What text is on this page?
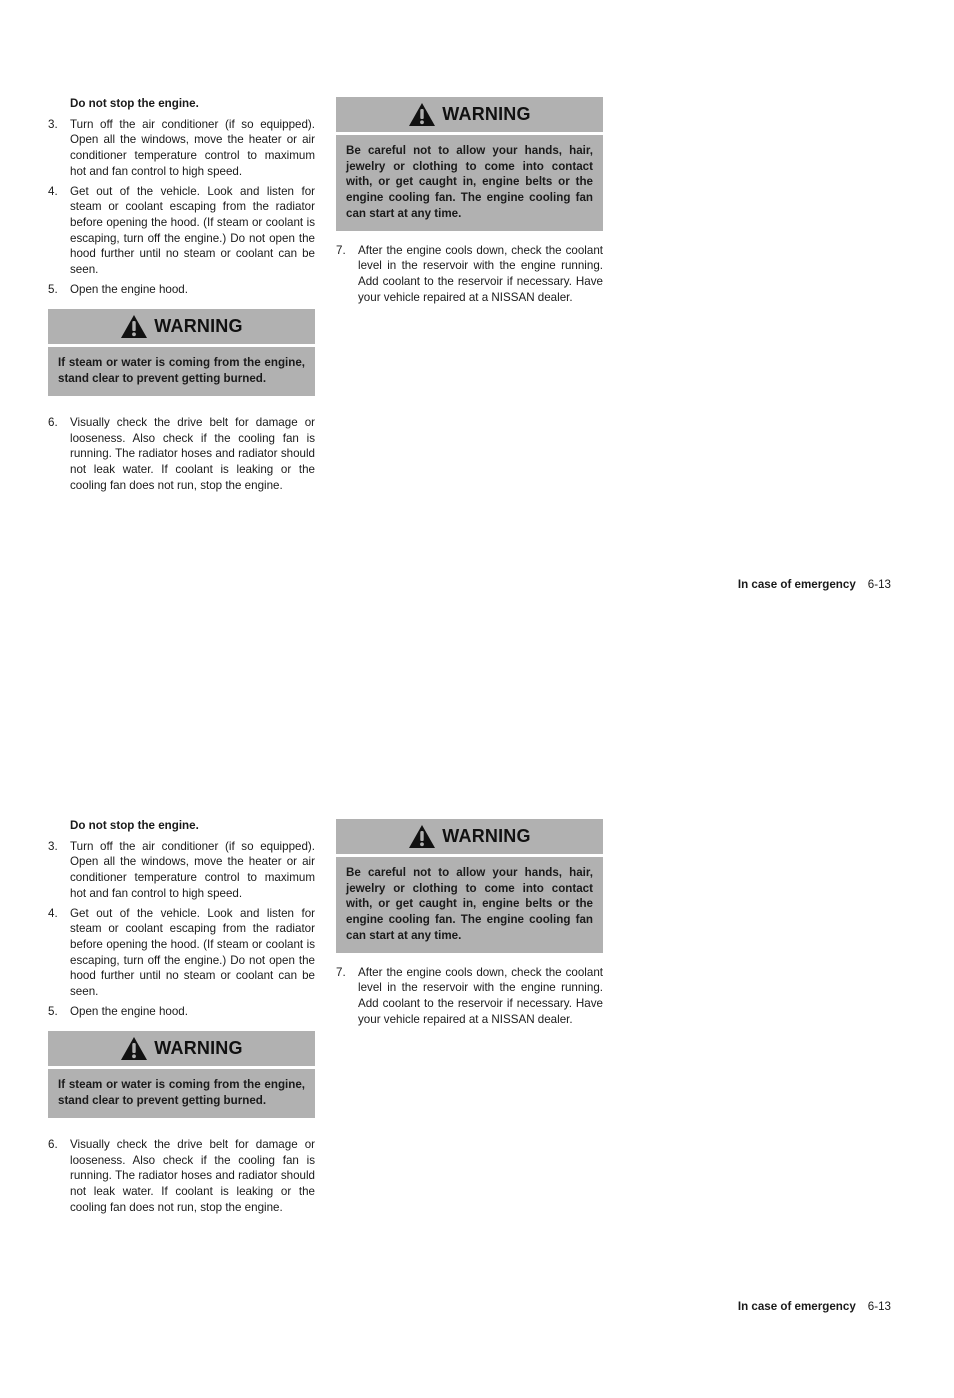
Do not stop the engine.

3. Turn off the air conditioner (if so equipped). Open all the windows, move the heater or air conditioner temperature control to maximum hot and fan control to high speed.
4. Get out of the vehicle. Look and listen for steam or coolant escaping from the radiator before opening the hood. (If steam or coolant is escaping, turn off the engine.) Do not open the hood further until no steam or coolant can be seen.
5. Open the engine hood.
WARNING
If steam or water is coming from the engine, stand clear to prevent getting burned.
6. Visually check the drive belt for damage or looseness. Also check if the cooling fan is running. The radiator hoses and radiator should not leak water. If coolant is leaking or the cooling fan does not run, stop the engine.
WARNING
Be careful not to allow your hands, hair, jewelry or clothing to come into contact with, or get caught in, engine belts or the engine cooling fan. The engine cooling fan can start at any time.
7. After the engine cools down, check the coolant level in the reservoir with the engine running. Add coolant to the reservoir if necessary. Have your vehicle repaired at a NISSAN dealer.
In case of emergency 6-13

Do not stop the engine.

3. Turn off the air conditioner (if so equipped). Open all the windows, move the heater or air conditioner temperature control to maximum hot and fan control to high speed.
4. Get out of the vehicle. Look and listen for steam or coolant escaping from the radiator before opening the hood. (If steam or coolant is escaping, turn off the engine.) Do not open the hood further until no steam or coolant can be seen.
5. Open the engine hood.
WARNING
If steam or water is coming from the engine, stand clear to prevent getting burned.
6. Visually check the drive belt for damage or looseness. Also check if the cooling fan is running. The radiator hoses and radiator should not leak water. If coolant is leaking or the cooling fan does not run, stop the engine.
WARNING
Be careful not to allow your hands, hair, jewelry or clothing to come into contact with, or get caught in, engine belts or the engine cooling fan. The engine cooling fan can start at any time.
7. After the engine cools down, check the coolant level in the reservoir with the engine running. Add coolant to the reservoir if necessary. Have your vehicle repaired at a NISSAN dealer.
In case of emergency 6-13
